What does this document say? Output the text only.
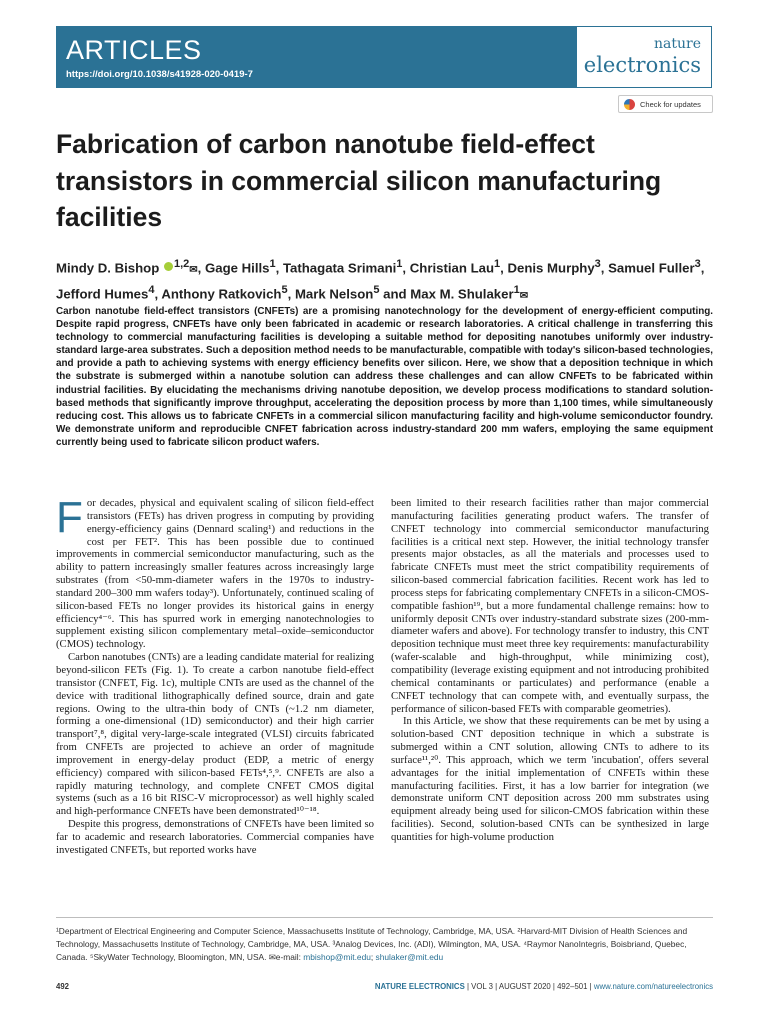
ARTICLES
https://doi.org/10.1038/s41928-020-0419-7
nature
electronics
Check for updates
Fabrication of carbon nanotube field-effect transistors in commercial silicon manufacturing facilities
Mindy D. Bishop $^{1,2}$✉, Gage Hills$^1$, Tathagata Srimani$^1$, Christian Lau$^1$, Denis Murphy$^3$, Samuel Fuller$^3$, Jefford Humes$^4$, Anthony Ratkovich$^5$, Mark Nelson$^5$ and Max M. Shulaker$^1$✉
Carbon nanotube field-effect transistors (CNFETs) are a promising nanotechnology for the development of energy-efficient computing. Despite rapid progress, CNFETs have only been fabricated in academic or research laboratories. A critical challenge in transferring this technology to commercial manufacturing facilities is developing a suitable method for depositing nanotubes uniformly over industry-standard large-area substrates. Such a deposition method needs to be manufacturable, compatible with today's silicon-based technologies, and provide a path to achieving systems with energy efficiency benefits over silicon. Here, we show that a deposition technique in which the substrate is submerged within a nanotube solution can address these challenges and can allow CNFETs to be fabricated within industrial facilities. By elucidating the mechanisms driving nanotube deposition, we develop process modifications to standard solution-based methods that significantly improve throughput, accelerating the deposition process by more than 1,100 times, while simultaneously reducing cost. This allows us to fabricate CNFETs in a commercial silicon manufacturing facility and high-volume semiconductor foundry. We demonstrate uniform and reproducible CNFET fabrication across industry-standard 200 mm wafers, employing the same equipment currently being used to fabricate silicon product wafers.

For decades, physical and equivalent scaling of silicon field-effect transistors (FETs) has driven progress in computing by providing energy-efficiency gains (Dennard scaling¹) and reductions in the cost per FET². This has been possible due to continued improvements in commercial semiconductor manufacturing, such as the ability to pattern increasingly smaller features across increasingly large substrates (from <50-mm-diameter wafers in the 1970s to industry-standard 200–300 mm wafers today³). Unfortunately, continued scaling of silicon-based FETs no longer provides its historical gains in energy efficiency⁴⁻⁶. This has spurred work in emerging nanotechnologies to supplement existing silicon complementary metal–oxide–semiconductor (CMOS) technology.

Carbon nanotubes (CNTs) are a leading candidate material for realizing beyond-silicon FETs (Fig. 1). To create a carbon nanotube field-effect transistor (CNFET, Fig. 1c), multiple CNTs are used as the channel of the device with traditional lithographically defined source, drain and gate regions. Owing to the ultra-thin body of CNTs (~1.2 nm diameter, forming a one-dimensional (1D) semiconductor) and their high carrier transport⁷,⁸, digital very-large-scale integrated (VLSI) circuits fabricated from CNFETs are projected to achieve an order of magnitude improvement in energy-delay product (EDP, a metric of energy efficiency) compared with silicon-based FETs⁴,⁵,⁹. CNFETs are also a rapidly maturing technology, and complete CNFET CMOS digital systems (such as a 16 bit RISC-V microprocessor) as well highly scaled and high-performance CNFETs have been demonstrated¹⁰⁻¹⁸.

Despite this progress, demonstrations of CNFETs have been limited so far to academic and research laboratories. Commercial companies have investigated CNFETs, but reported works have

been limited to their research facilities rather than major commercial manufacturing facilities generating product wafers. The transfer of CNFET technology into commercial semiconductor manufacturing facilities is a critical next step. However, the initial technology transfer presents major obstacles, as all the materials and processes used to fabricate CNFETs must meet the strict compatibility requirements of silicon-based commercial fabrication facilities. Recent work has led to process steps for fabricating complementary CNFETs in a silicon-CMOS-compatible fashion¹⁹, but a more fundamental challenge remains: how to uniformly deposit CNTs over industry-standard substrate sizes (200-mm-diameter wafers and above). For technology transfer to industry, this CNT deposition technique must meet three key requirements: manufacturability (wafer-scalable and high-throughput, while minimizing cost), compatibility (leverage existing equipment and not introducing prohibited chemical contaminants or particulates) and performance (enable a CNFET technology that can compete with, and eventually surpass, the performance of silicon-based FETs with comparable geometries).

In this Article, we show that these requirements can be met by using a solution-based CNT deposition technique in which a substrate is submerged within a CNT solution, allowing CNTs to adhere to its surface¹¹,²⁰. This approach, which we term 'incubation', offers several advantages for the initial implementation of CNFETs within these manufacturing facilities. First, it has a low barrier for integration (we demonstrate uniform CNT deposition across 200 mm substrates using equipment already being used for silicon-CMOS fabrication within these facilities). Second, solution-based CNTs can be synthesized in large quantities for high-volume production

¹Department of Electrical Engineering and Computer Science, Massachusetts Institute of Technology, Cambridge, MA, USA. ²Harvard-MIT Division of Health Sciences and Technology, Massachusetts Institute of Technology, Cambridge, MA, USA. ³Analog Devices, Inc. (ADI), Wilmington, MA, USA. ⁴Raymor NanoIntegris, Boisbriand, Quebec, Canada. ⁵SkyWater Technology, Bloomington, MN, USA. ✉e-mail: mbishop@mit.edu; shulaker@mit.edu
492	NATURE ELECTRONICS | VOL 3 | AUGUST 2020 | 492–501 | www.nature.com/natureelectronics
